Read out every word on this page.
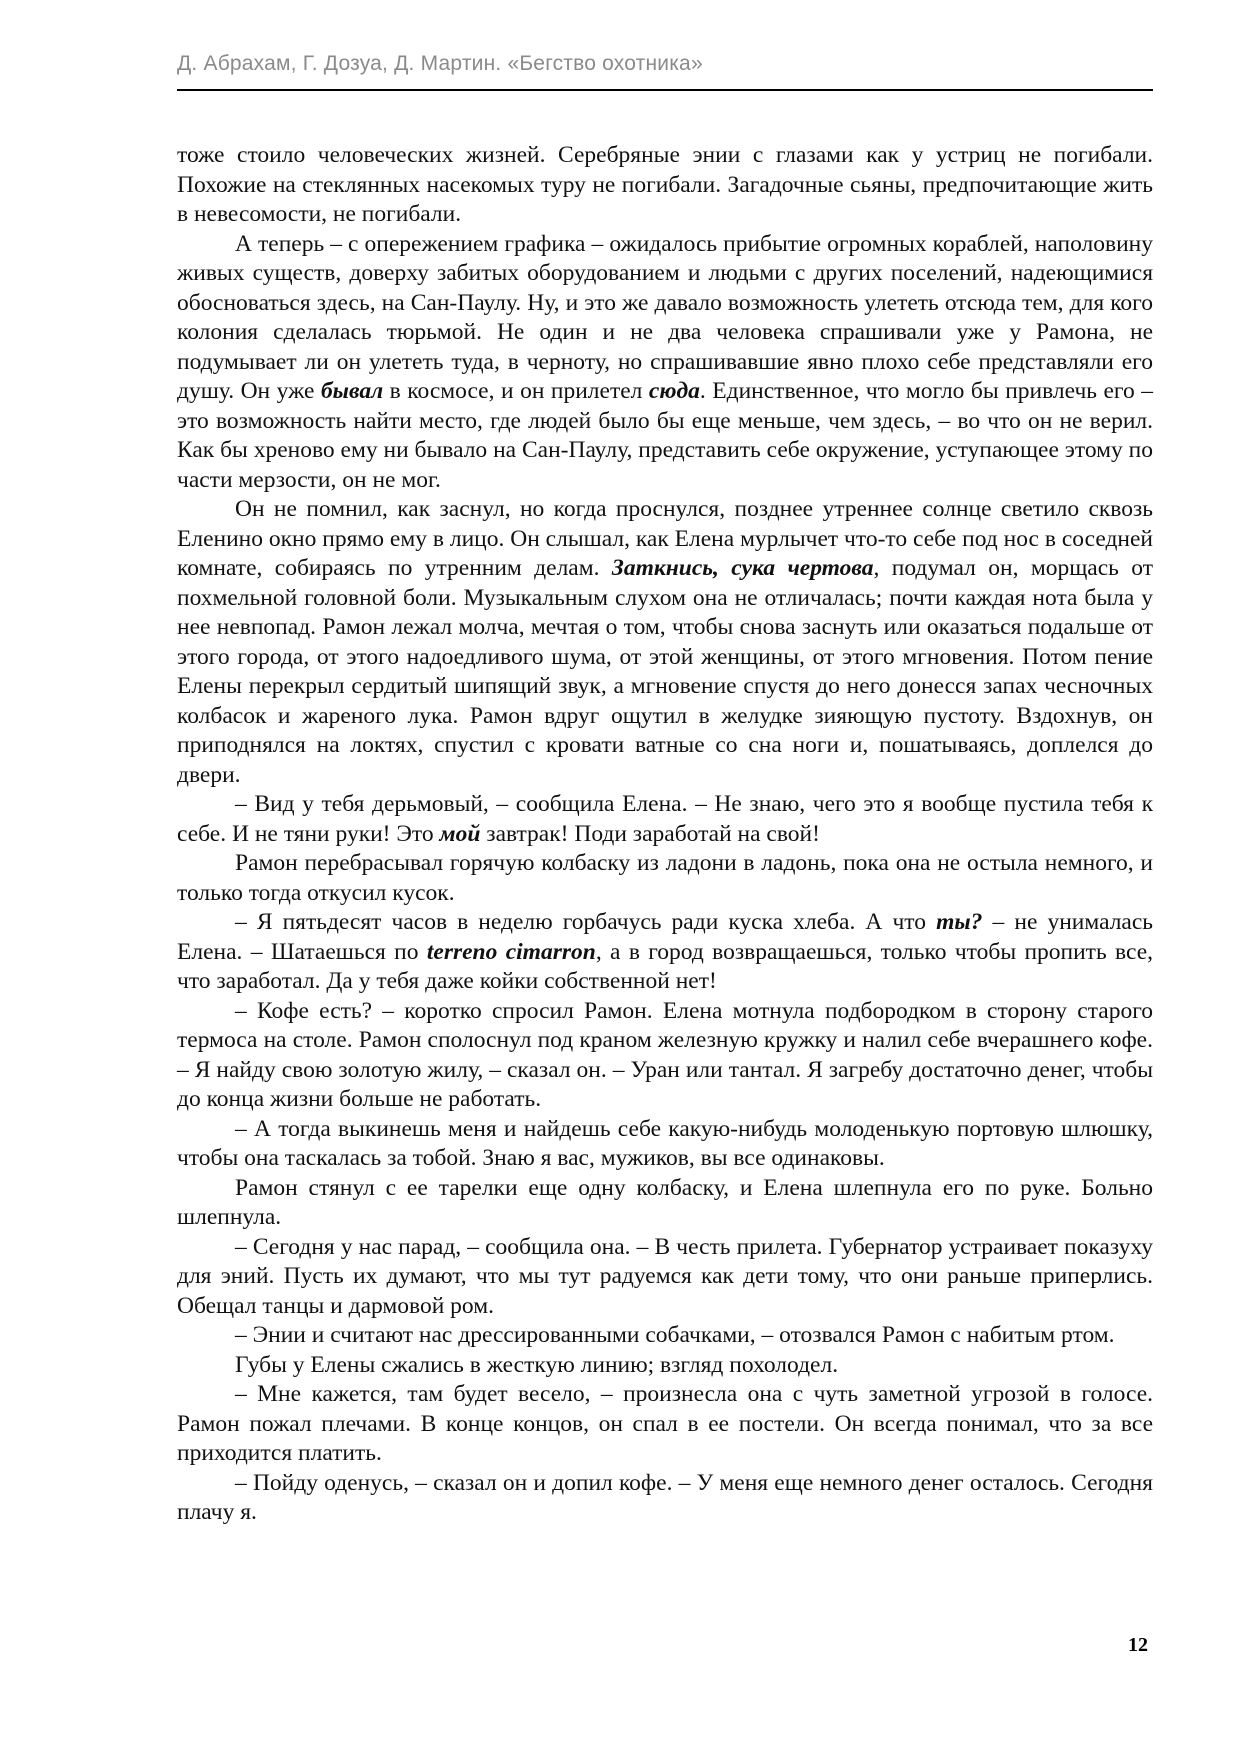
Д. Абрахам, Г. Дозуа, Д. Мартин. «Бегство охотника»

тоже стоило человеческих жизней. Серебряные энии с глазами как у устриц не погибали. Похожие на стеклянных насекомых туру не погибали. Загадочные сьяны, предпочитающие жить в невесомости, не погибали.

А теперь – с опережением графика – ожидалось прибытие огромных кораблей, наполовину живых существ, доверху забитых оборудованием и людьми с других поселений, надеющимися обосноваться здесь, на Сан-Паулу. Ну, и это же давало возможность улететь отсюда тем, для кого колония сделалась тюрьмой. Не один и не два человека спрашивали уже у Рамона, не подумывает ли он улететь туда, в черноту, но спрашивавшие явно плохо себе представляли его душу. Он уже бывал в космосе, и он прилетел сюда. Единственное, что могло бы привлечь его – это возможность найти место, где людей было бы еще меньше, чем здесь, – во что он не верил. Как бы хреново ему ни бывало на Сан-Паулу, представить себе окружение, уступающее этому по части мерзости, он не мог.

Он не помнил, как заснул, но когда проснулся, позднее утреннее солнце светило сквозь Еленино окно прямо ему в лицо. Он слышал, как Елена мурлычет что-то себе под нос в соседней комнате, собираясь по утренним делам. Заткнись, сука чертова, подумал он, морщась от похмельной головной боли. Музыкальным слухом она не отличалась; почти каждая нота была у нее невпопад. Рамон лежал молча, мечтая о том, чтобы снова заснуть или оказаться подальше от этого города, от этого надоедливого шума, от этой женщины, от этого мгновения. Потом пение Елены перекрыл сердитый шипящий звук, а мгновение спустя до него донесся запах чесночных колбасок и жареного лука. Рамон вдруг ощутил в желудке зияющую пустоту. Вздохнув, он приподнялся на локтях, спустил с кровати ватные со сна ноги и, пошатываясь, доплелся до двери.

– Вид у тебя дерьмовый, – сообщила Елена. – Не знаю, чего это я вообще пустила тебя к себе. И не тяни руки! Это мой завтрак! Поди заработай на свой!

Рамон перебрасывал горячую колбаску из ладони в ладонь, пока она не остыла немного, и только тогда откусил кусок.

– Я пятьдесят часов в неделю горбачусь ради куска хлеба. А что ты? – не унималась Елена. – Шатаешься по terreno cimarron, а в город возвращаешься, только чтобы пропить все, что заработал. Да у тебя даже койки собственной нет!

– Кофе есть? – коротко спросил Рамон. Елена мотнула подбородком в сторону старого термоса на столе. Рамон сполоснул под краном железную кружку и налил себе вчерашнего кофе. – Я найду свою золотую жилу, – сказал он. – Уран или тантал. Я загребу достаточно денег, чтобы до конца жизни больше не работать.

– А тогда выкинешь меня и найдешь себе какую-нибудь молоденькую портовую шлюшку, чтобы она таскалась за тобой. Знаю я вас, мужиков, вы все одинаковы.

Рамон стянул с ее тарелки еще одну колбаску, и Елена шлепнула его по руке. Больно шлепнула.

– Сегодня у нас парад, – сообщила она. – В честь прилета. Губернатор устраивает показуху для эний. Пусть их думают, что мы тут радуемся как дети тому, что они раньше приперлись. Обещал танцы и дармовой ром.

– Энии и считают нас дрессированными собачками, – отозвался Рамон с набитым ртом.

Губы у Елены сжались в жесткую линию; взгляд похолодел.

– Мне кажется, там будет весело, – произнесла она с чуть заметной угрозой в голосе. Рамон пожал плечами. В конце концов, он спал в ее постели. Он всегда понимал, что за все приходится платить.

– Пойду оденусь, – сказал он и допил кофе. – У меня еще немного денег осталось. Сегодня плачу я.

12
